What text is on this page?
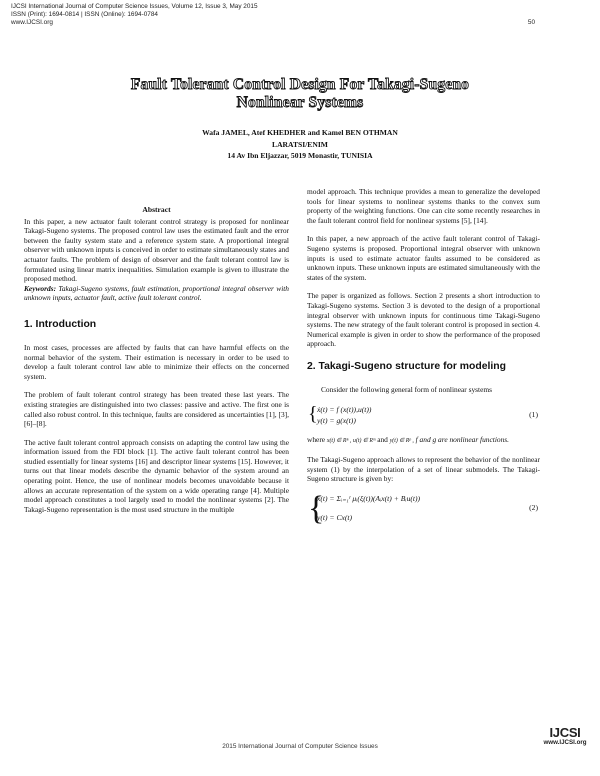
IJCSI International Journal of Computer Science Issues, Volume 12, Issue 3, May 2015
ISSN (Print): 1694-0814 | ISSN (Online): 1694-0784
www.IJCSI.org	50
Fault Tolerant Control Design For Takagi-Sugeno
Nonlinear Systems
Wafa JAMEL, Atef KHEDHER and Kamel BEN OTHMAN
LARATSI/ENIM
14 Av Ibn Eljazzar, 5019 Monastir, TUNISIA
Abstract

In this paper, a new actuator fault tolerant control strategy is proposed for nonlinear Takagi-Sugeno systems. The proposed control law uses the estimated fault and the error between the faulty system state and a reference system state. A proportional integral observer with unknown inputs is conceived in order to estimate simultaneously states and actuator faults. The problem of design of observer and the fault tolerant control law is formulated using linear matrix inequalities. Simulation example is given to illustrate the proposed method.

Keywords: Takagi-Sugeno systems, fault estimation, proportional integral observer with unknown inputs, actuator fault, active fault tolerant control.

1. Introduction

In most cases, processes are affected by faults that can have harmful effects on the normal behavior of the system. Their estimation is necessary in order to be used to develop a fault tolerant control law able to minimize their effects on the concerned system.

The problem of fault tolerant control strategy has been treated these last years. The existing strategies are distinguished into two classes: passive and active. The first one is called also robust control. In this technique, faults are considered as uncertainties [1], [3], [6]–[8].

The active fault tolerant control approach consists on adapting the control law using the information issued from the FDI block [1]. The active fault tolerant control has been studied essentially for linear systems [16] and descriptor linear systems [15]. However, it turns out that linear models describe the dynamic behavior of the system around an operating point. Hence, the use of nonlinear models becomes unavoidable because it allows an accurate representation of the system on a wide operating range [4]. Multiple model approach constitutes a tool largely used to model the nonlinear systems [2]. The Takagi-Sugeno representation is the most used structure in the multiple

model approach. This technique provides a mean to generalize the developed tools for linear systems to nonlinear systems thanks to the convex sum property of the weighting functions. One can cite some recently researches in the fault tolerant control field for nonlinear systems [5], [14].

In this paper, a new approach of the active fault tolerant control of Takagi-Sugeno systems is proposed. Proportional integral observer with unknown inputs is used to estimate actuator faults assumed to be considered as unknown inputs. These unknown inputs are estimated simultaneously with the states of the system.

The paper is organized as follows. Section 2 presents a short introduction to Takagi-Sugeno systems. Section 3 is devoted to the design of a proportional integral observer with unknown inputs for continuous time Takagi-Sugeno systems. The new strategy of the fault tolerant control is proposed in section 4. Numerical example is given in order to show the performance of the proposed approach.

2. Takagi-Sugeno structure for modeling

Consider the following general form of nonlinear systems

{ ẋ(t) = f (x(t)),u(t))
y(t) = g(x(t))
(1)

where x(t) ∈ Rⁿ , u(t) ∈ Rᵐ and y(t) ∈ Rᵖ , f and g are nonlinear functions.

The Takagi-Sugeno approach allows to represent the behavior of the nonlinear system (1) by the interpolation of a set of linear submodels. The Takagi-Sugeno structure is given by:

{
ẋ(t) = Σᵢ₌₁ʳ μᵢ(ξ(t))(Aᵢx(t) + Bᵢu(t))
y(t) = Cx(t)
(2)
2015 International Journal of Computer Science Issues
IJCSI
www.IJCSI.org
